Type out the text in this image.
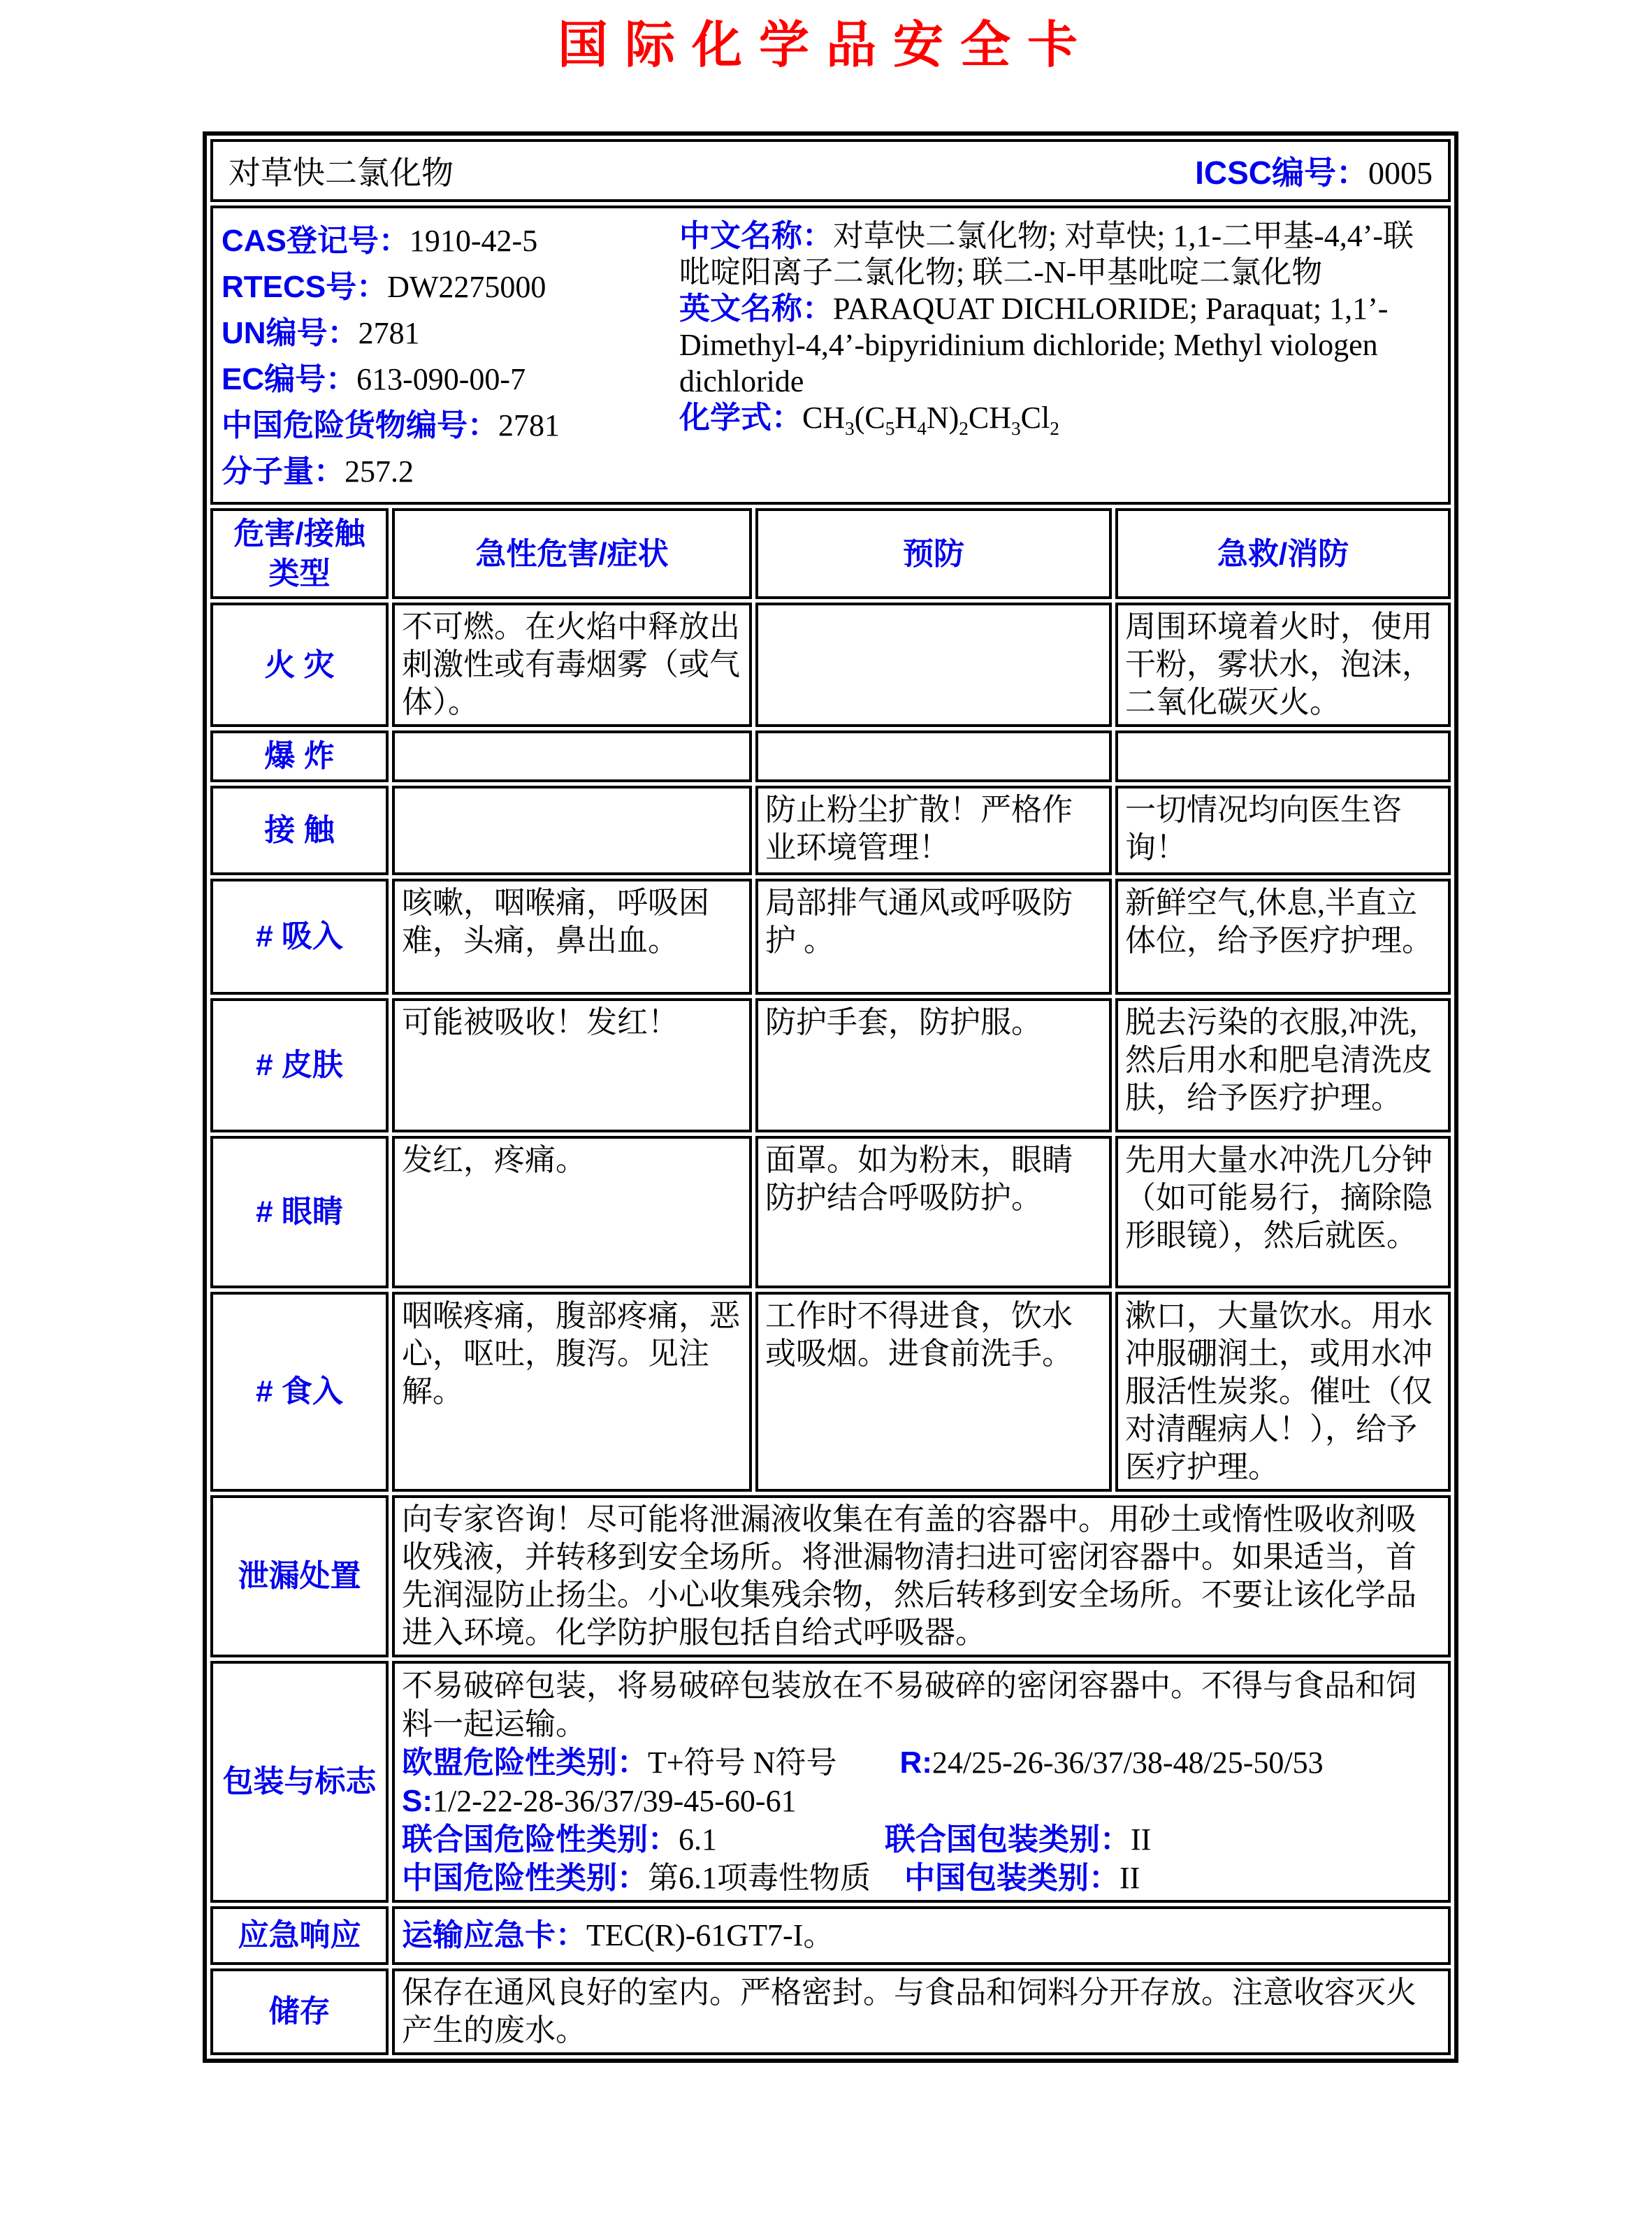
国际化学品安全卡
对草快二氯化物 ICSC编号：0005			

CAS登记号：1910-42-5
RTECS号：DW2275000
UN编号：2781
EC编号：613-090-00-7
中国危险货物编号：2781
分子量：257.2
中文名称：对草快二氯化物; 对草快; 1,1-二甲基-4,4’-联吡啶阳离子二氯化物; 联二-N-甲基吡啶二氯化物
英文名称：PARAQUAT DICHLORIDE; Paraquat; 1,1’-Dimethyl-4,4’-bipyridinium dichloride; Methyl viologen dichloride
化学式：$CH_3(C_5H_4N)_2CH_3Cl_2$

危害/接触
类型	急性危害/症状	预防	急救/消防
火 灾	不可燃。在火焰中释放出刺激性或有毒烟雾（或气体）。		周围环境着火时，使用干粉，雾状水，泡沫，二氧化碳灭火。
爆 炸			
接 触		防止粉尘扩散！严格作业环境管理！	一切情况均向医生咨询！
# 吸入	咳嗽，咽喉痛，呼吸困难，头痛，鼻出血。	局部排气通风或呼吸防护 。	新鲜空气,休息,半直立体位，给予医疗护理。
# 皮肤	可能被吸收！发红！	防护手套，防护服。	脱去污染的衣服,冲洗,然后用水和肥皂清洗皮肤，给予医疗护理。
# 眼睛	发红，疼痛。	面罩。如为粉末，眼睛防护结合呼吸防护。	先用大量水冲洗几分钟（如可能易行，摘除隐形眼镜），然后就医。
# 食入	咽喉疼痛，腹部疼痛，恶心，呕吐，腹泻。见注解。	工作时不得进食，饮水或吸烟。进食前洗手。	漱口，大量饮水。用水冲服硼润土，或用水冲服活性炭浆。催吐（仅对清醒病人！），给予医疗护理。
泄漏处置	向专家咨询！尽可能将泄漏液收集在有盖的容器中。用砂土或惰性吸收剂吸收残液，并转移到安全场所。将泄漏物清扫进可密闭容器中。如果适当，首先润湿防止扬尘。小心收集残余物，然后转移到安全场所。不要让该化学品进入环境。化学防护服包括自给式呼吸器。		
包装与标志	不易破碎包装，将易破碎包装放在不易破碎的密闭容器中。不得与食品和饲料一起运输。
欧盟危险性类别：T+符号 N符号 R:24/25-26-36/37/38-48/25-50/53
S:1/2-22-28-36/37/39-45-60-61
联合国危险性类别：6.1 联合国包装类别：II
中国危险性类别：第6.1项毒性物质 中国包装类别：II		

应急响应	运输应急卡：TEC(R)-61GT7-I。		
储存	保存在通风良好的室内。严格密封。与食品和饲料分开存放。注意收容灭火产生的废水。		
